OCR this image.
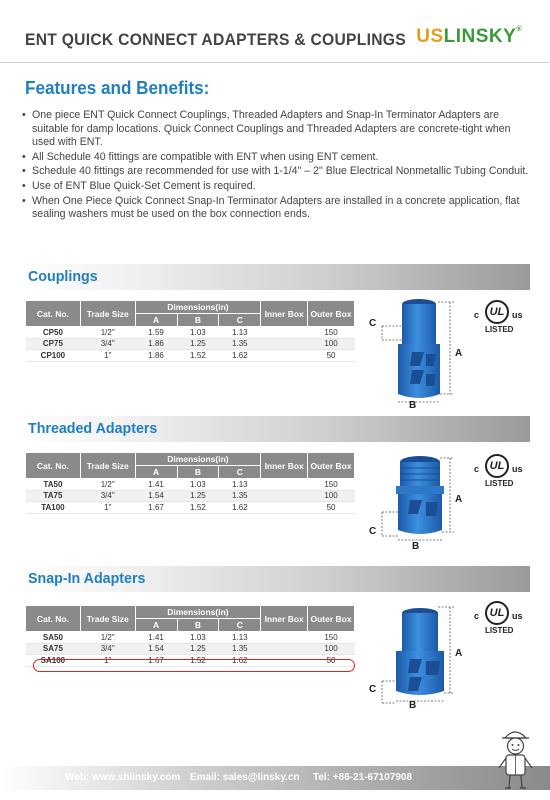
ENT QUICK CONNECT ADAPTERS & COUPLINGS USLINSKY®
Features and Benefits:
• One piece ENT Quick Connect Couplings, Threaded Adapters and Snap-In Terminator Adapters are suitable for damp locations. Quick Connect Couplings and Threaded Adapters are concrete-tight when used with ENT.
• All Schedule 40 fittings are compatible with ENT when using ENT cement.
• Schedule 40 fittings are recommended for use with 1-1/4" – 2" Blue Electrical Nonmetallic Tubing Conduit.
• Use of ENT Blue Quick-Set Cement is required.
• When One Piece Quick Connect Snap-In Terminator Adapters are installed in a concrete application, flat sealing washers must be used on the box connection ends.
Couplings
Cat. No.	Trade Size	Dimensions(in)			Inner Box	Outer Box
		A	B	C		
CP50	1/2"	1.59	1.03	1.13		150
CP75	3/4"	1.86	1.25	1.35		100
CP100	1"	1.86	1.52	1.62		50
C
A
B
c UL us
LISTED
Threaded Adapters
Cat. No.	Trade Size	Dimensions(in)			Inner Box	Outer Box
		A	B	C		
TA50	1/2"	1.41	1.03	1.13		150
TA75	3/4"	1.54	1.25	1.35		100
TA100	1"	1.67	1.52	1.62		50
C
A
B
c UL us
LISTED
Snap-In Adapters
Cat. No.	Trade Size	Dimensions(in)			Inner Box	Outer Box
		A	B	C		
SA50	1/2"	1.41	1.03	1.13		150
SA75	3/4"	1.54	1.25	1.35		100
SA100	1"	1.67	1.52	1.62		50
C
A
B
c UL us
LISTED
Web: www.shlinsky.com Email: sales@linsky.cn Tel: +86-21-67107908
